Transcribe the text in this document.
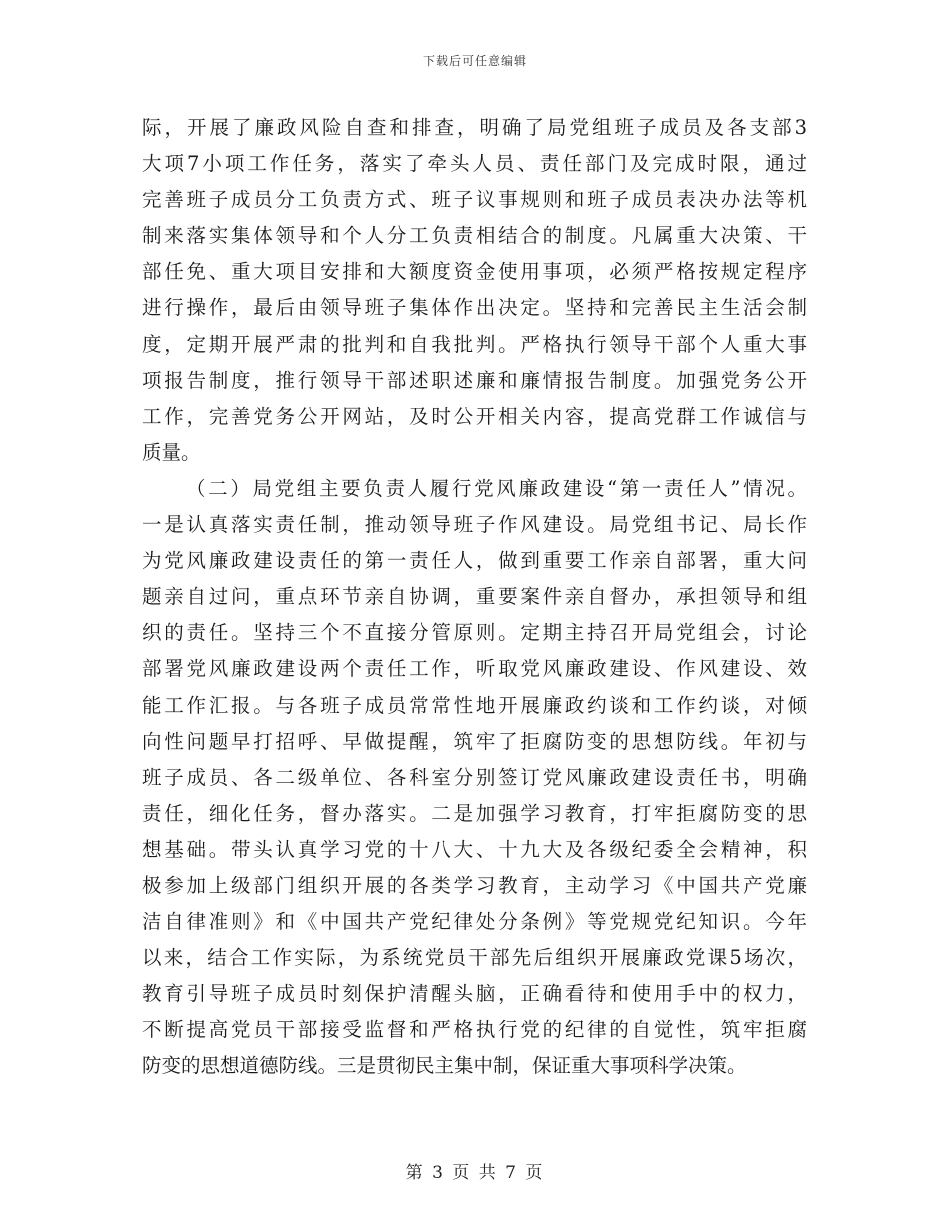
下载后可任意编辑
际，开展了廉政风险自查和排查，明确了局党组班子成员及各支部3
大项7小项工作任务，落实了牵头人员、责任部门及完成时限，通过
完善班子成员分工负责方式、班子议事规则和班子成员表决办法等机
制来落实集体领导和个人分工负责相结合的制度。凡属重大决策、干
部任免、重大项目安排和大额度资金使用事项，必须严格按规定程序
进行操作，最后由领导班子集体作出决定。坚持和完善民主生活会制
度，定期开展严肃的批判和自我批判。严格执行领导干部个人重大事
项报告制度，推行领导干部述职述廉和廉情报告制度。加强党务公开
工作，完善党务公开网站，及时公开相关内容，提高党群工作诚信与
质量。
（二）局党组主要负责人履行党风廉政建设“第一责任人”情况。
一是认真落实责任制，推动领导班子作风建设。局党组书记、局长作
为党风廉政建设责任的第一责任人，做到重要工作亲自部署，重大问
题亲自过问，重点环节亲自协调，重要案件亲自督办，承担领导和组
织的责任。坚持三个不直接分管原则。定期主持召开局党组会，讨论
部署党风廉政建设两个责任工作，听取党风廉政建设、作风建设、效
能工作汇报。与各班子成员常常性地开展廉政约谈和工作约谈，对倾
向性问题早打招呼、早做提醒，筑牢了拒腐防变的思想防线。年初与
班子成员、各二级单位、各科室分别签订党风廉政建设责任书，明确
责任，细化任务，督办落实。二是加强学习教育，打牢拒腐防变的思
想基础。带头认真学习党的十八大、十九大及各级纪委全会精神，积
极参加上级部门组织开展的各类学习教育，主动学习《中国共产党廉
洁自律准则》和《中国共产党纪律处分条例》等党规党纪知识。今年
以来，结合工作实际，为系统党员干部先后组织开展廉政党课5场次，
教育引导班子成员时刻保护清醒头脑，正确看待和使用手中的权力，
不断提高党员干部接受监督和严格执行党的纪律的自觉性，筑牢拒腐
防变的思想道德防线。三是贯彻民主集中制，保证重大事项科学决策。
第 3 页 共 7 页
